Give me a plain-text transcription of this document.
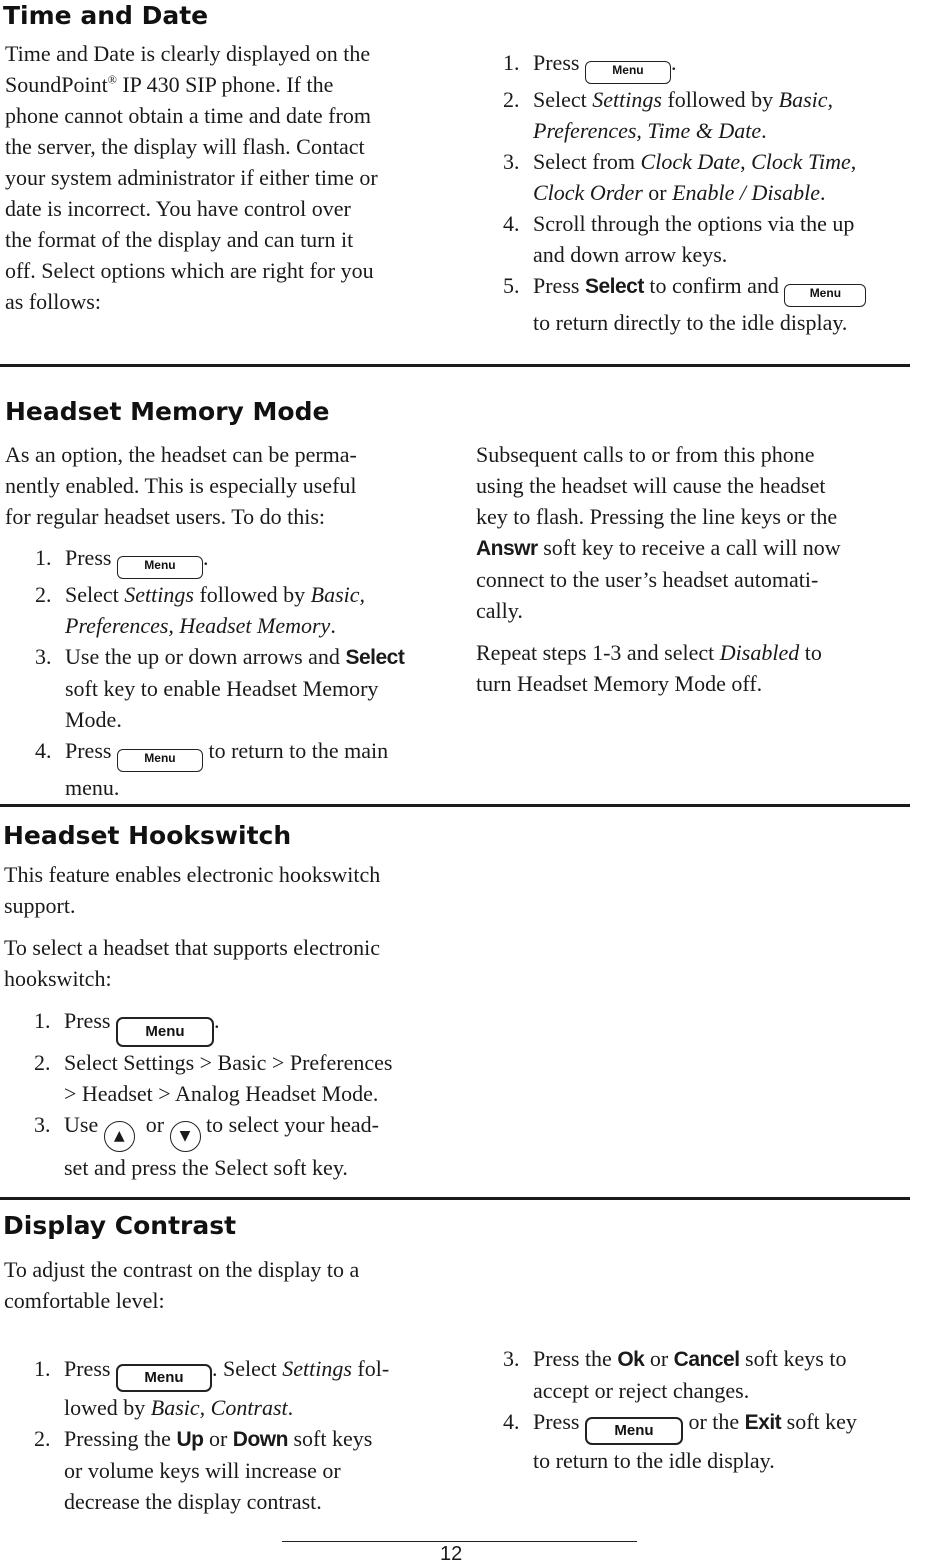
Time and Date
Time and Date is clearly displayed on the
SoundPoint® IP 430 SIP phone. If the
phone cannot obtain a time and date from
the server, the display will flash. Contact
your system administrator if either time or
date is incorrect. You have control over
the format of the display and can turn it
off. Select options which are right for you
as follows:
1. Press	Menu .
2. Select Settings followed by Basic,
Preferences, Time & Date.
3. Select from Clock Date, Clock Time,
Clock Order or Enable / Disable.
4. Scroll through the options via the up
and down arrow keys.
5. Press Select to confirm and	Menu
to return directly to the idle display.
Headset Memory Mode
As an option, the headset can be perma-
nently enabled. This is especially useful
for regular headset users. To do this:
1. Press	Menu .
2. Select Settings followed by Basic,
Preferences, Headset Memory.
3. Use the up or down arrows and Select
soft key to enable Headset Memory
Mode.
4. Press	Menu to return to the main
menu.
Subsequent calls to or from this phone
using the headset will cause the headset
key to flash. Pressing the line keys or the
Answr soft key to receive a call will now
connect to the user’s headset automati-
cally.
Repeat steps 1-3 and select Disabled to
turn Headset Memory Mode off.
Headset Hookswitch
This feature enables electronic hookswitch
support.
To select a headset that supports electronic
hookswitch:
1. Press Menu .
2. Select Settings > Basic > Preferences
> Headset > Analog Headset Mode.
3. Use ▲ or ▼ to select your head-
set and press the Select soft key.
Display Contrast
To adjust the contrast on the display to a
comfortable level:
1. Press Menu . Select Settings fol-
lowed by Basic, Contrast.
2. Pressing the Up or Down soft keys
or volume keys will increase or
decrease the display contrast.
3. Press the Ok or Cancel soft keys to
accept or reject changes.
4. Press Menu or the Exit soft key
to return to the idle display.
12
